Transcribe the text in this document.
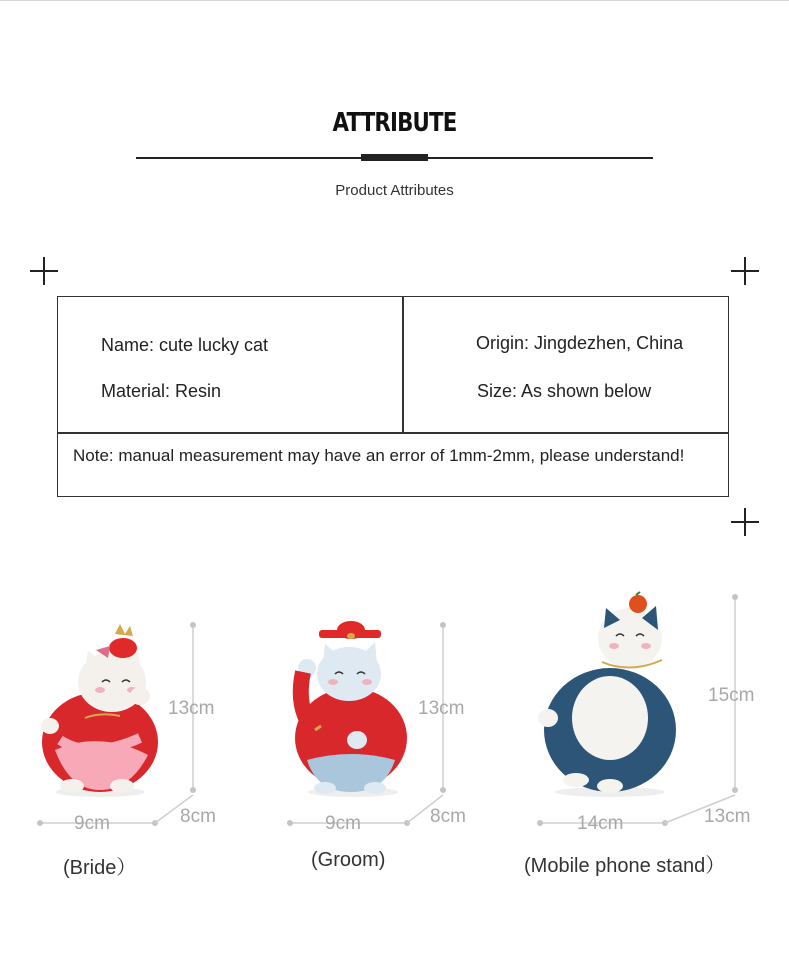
ATTRIBUTE
Product Attributes
Name: cute lucky cat
Material: Resin
Origin: Jingdezhen, China
Size: As shown below
Note: manual measurement may have an error of 1mm-2mm, please understand!
13cm
9cm	8cm
13cm
9cm	8cm
15cm
14cm	13cm
(Bride）	(Groom)	(Mobile phone stand）
